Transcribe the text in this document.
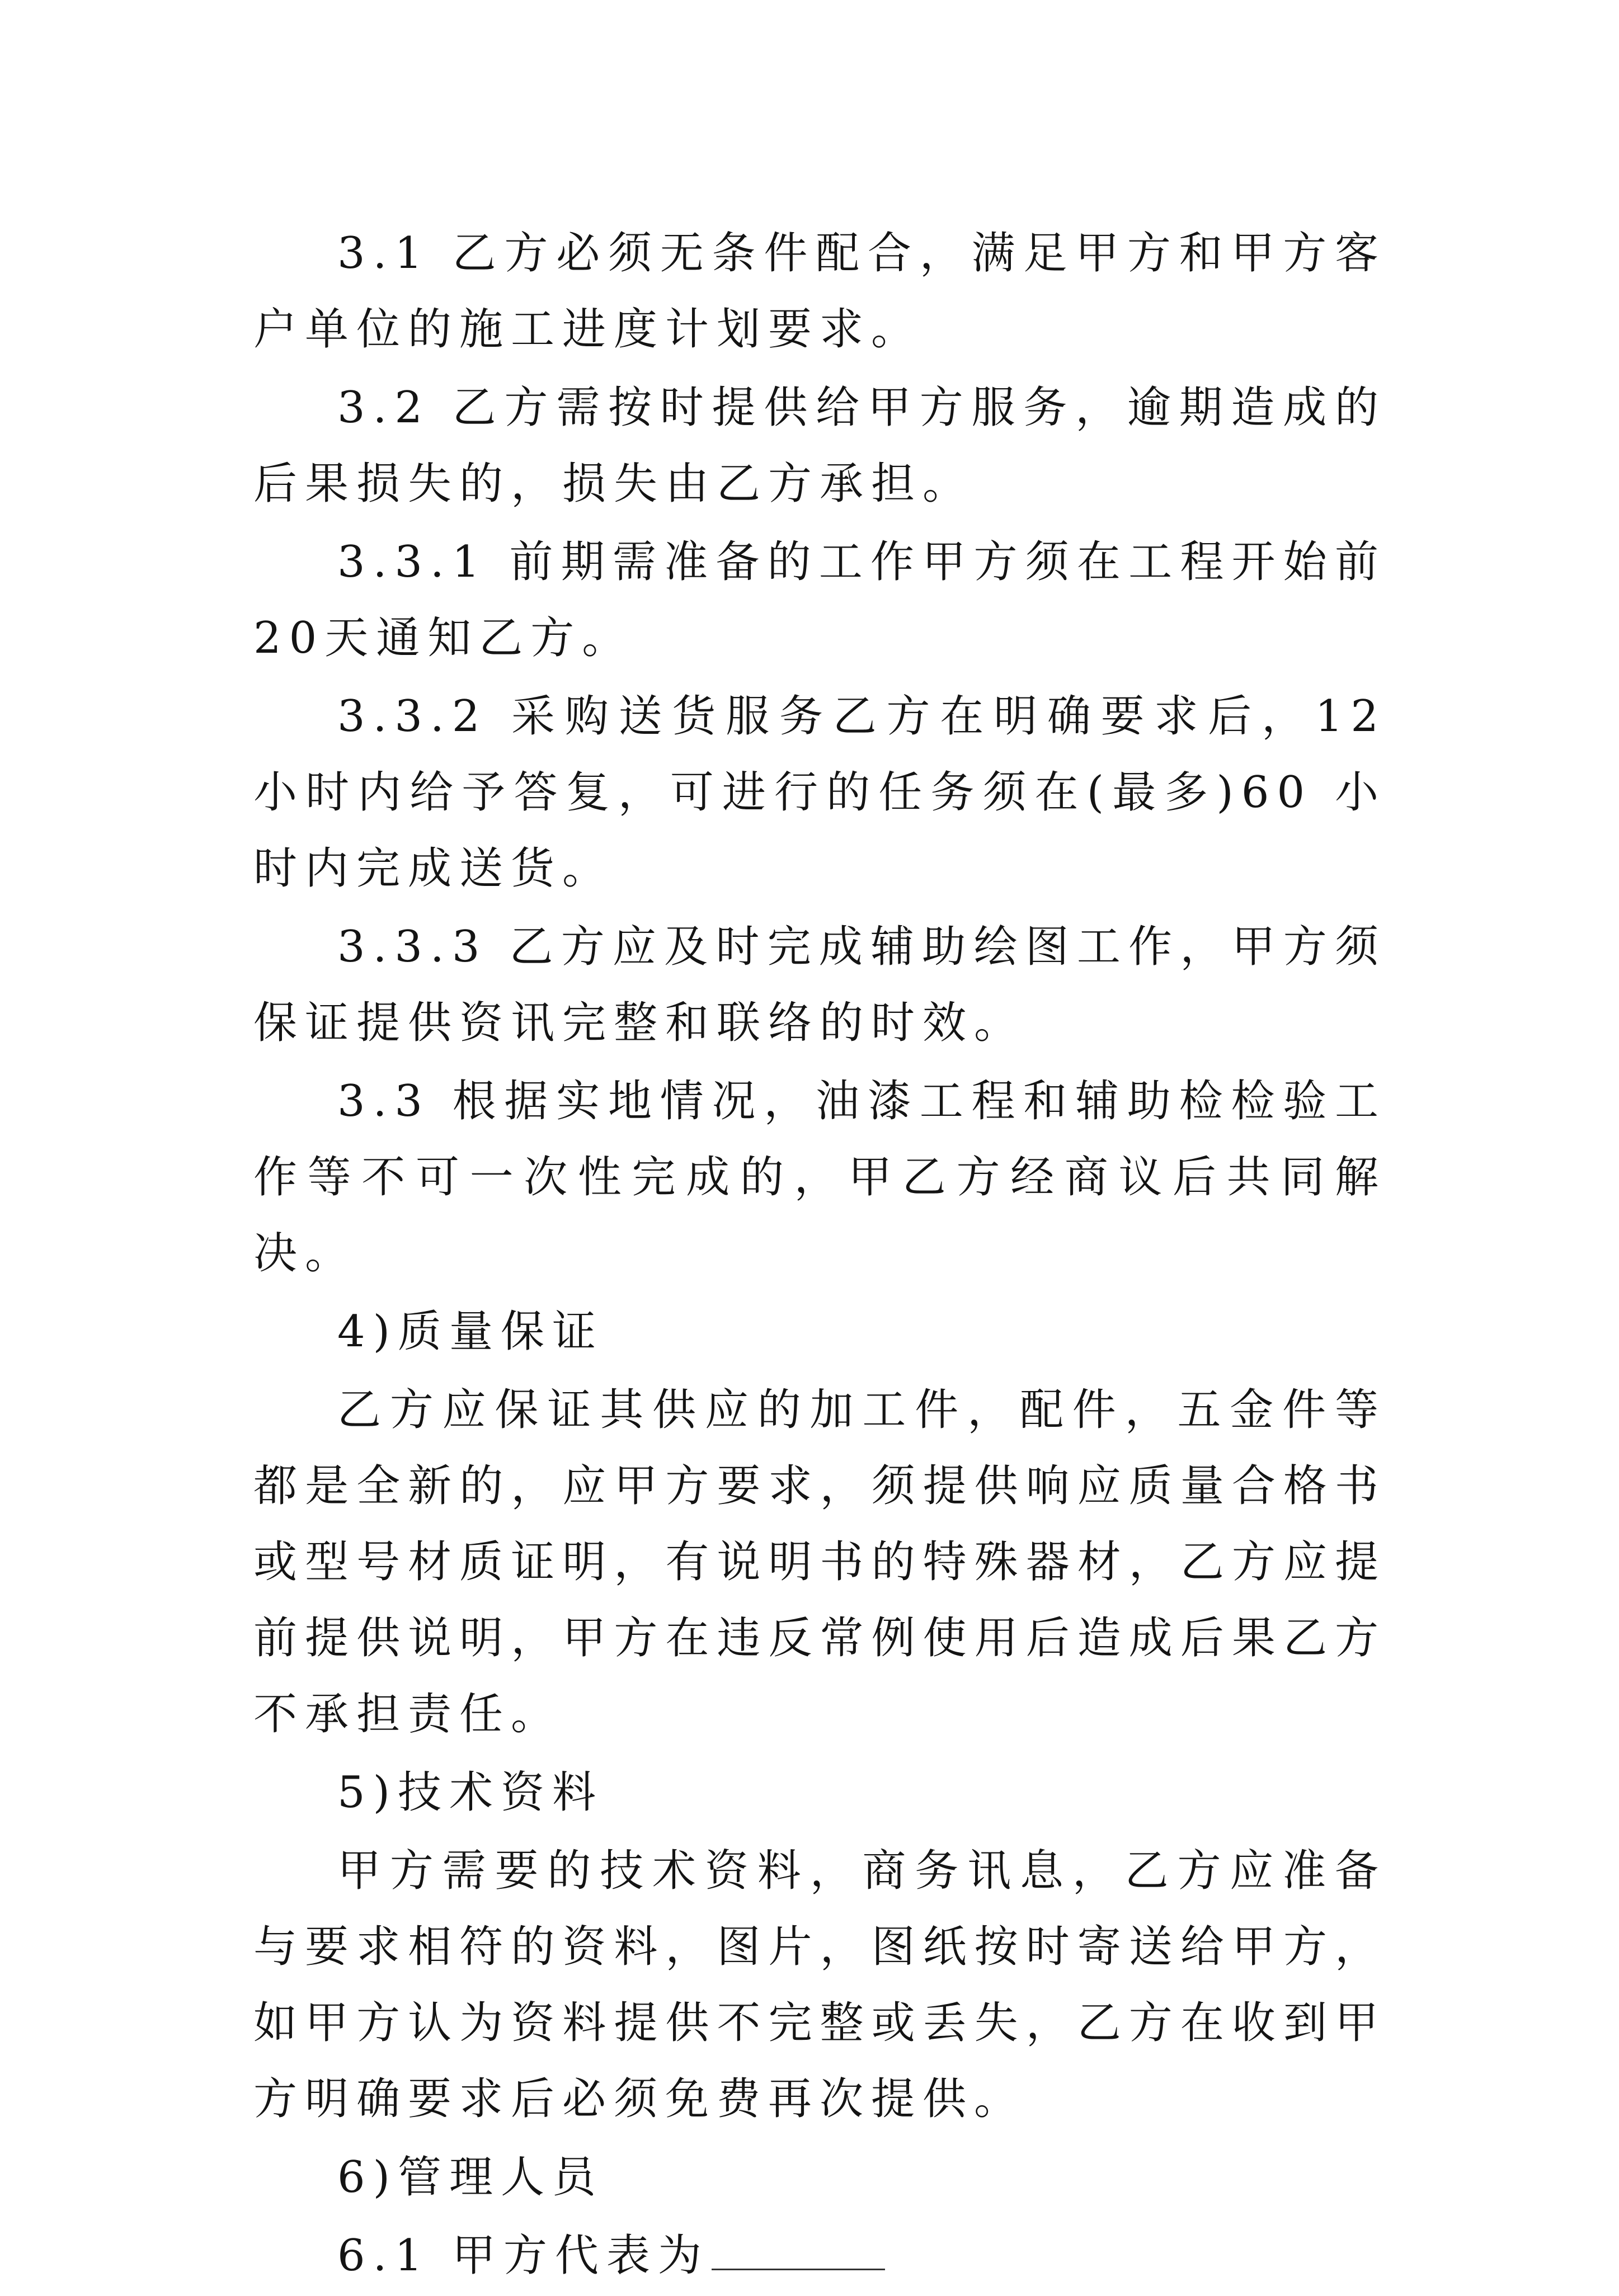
3.1 乙方必须无条件配合，满足甲方和甲方客户单位的施工进度计划要求。

3.2 乙方需按时提供给甲方服务，逾期造成的后果损失的，损失由乙方承担。

3.3.1 前期需准备的工作甲方须在工程开始前20天通知乙方。

3.3.2 采购送货服务乙方在明确要求后，12 小时内给予答复，可进行的任务须在(最多)60 小时内完成送货。

3.3.3 乙方应及时完成辅助绘图工作，甲方须保证提供资讯完整和联络的时效。

3.3 根据实地情况，油漆工程和辅助检检验工作等不可一次性完成的，甲乙方经商议后共同解决。

4)质量保证

乙方应保证其供应的加工件，配件，五金件等都是全新的，应甲方要求，须提供响应质量合格书或型号材质证明，有说明书的特殊器材，乙方应提前提供说明，甲方在违反常例使用后造成后果乙方不承担责任。

5)技术资料

甲方需要的技术资料，商务讯息，乙方应准备与要求相符的资料，图片，图纸按时寄送给甲方，如甲方认为资料提供不完整或丢失，乙方在收到甲方明确要求后必须免费再次提供。

6)管理人员

6.1 甲方代表为
